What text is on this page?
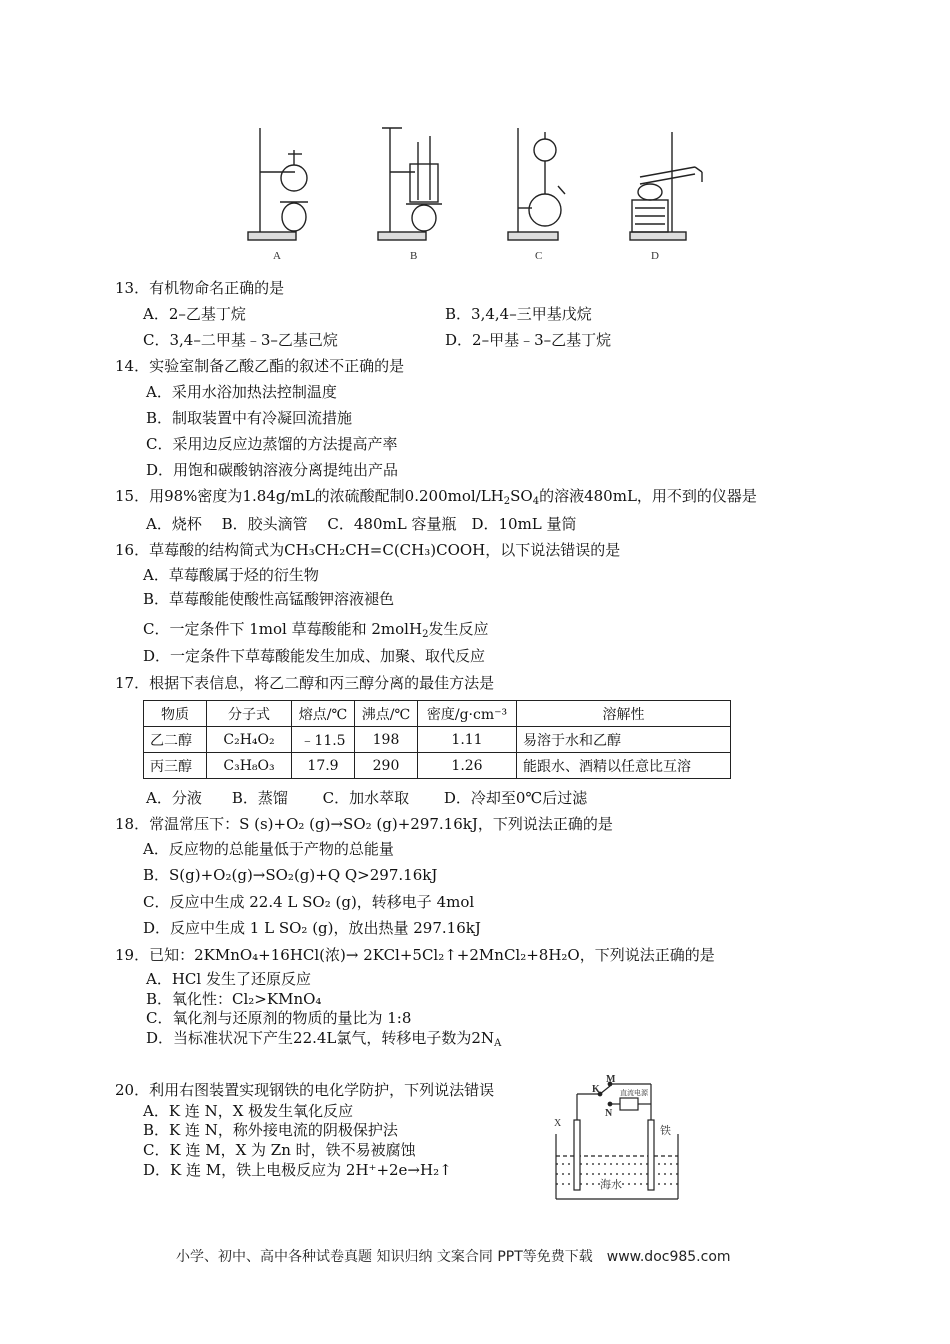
A	B	C	D
13．有机物命名正确的是
A．2–乙基丁烷	B．3,4,4–三甲基戊烷
C．3,4–二甲基﹣3–乙基己烷	D．2–甲基﹣3–乙基丁烷
14．实验室制备乙酸乙酯的叙述不正确的是
A．采用水浴加热法控制温度
B．制取装置中有冷凝回流措施
C．采用边反应边蒸馏的方法提高产率
D．用饱和碳酸钠溶液分离提纯出产品
15．用98%密度为1.84g/mL的浓硫酸配制$0.200mol/LH_2SO_4$的溶液480mL，用不到的仪器是
A．烧杯　 B．胶头滴管　 C．480mL 容量瓶　D．10mL 量筒
16．草莓酸的结构简式为CH₃CH₂CH=C(CH₃)COOH，以下说法错误的是
A．草莓酸属于烃的衍生物
B．草莓酸能使酸性高锰酸钾溶液褪色
C．一定条件下 1mol 草莓酸能和 2molH$_2$发生反应
D．一定条件下草莓酸能发生加成、加聚、取代反应
17．根据下表信息，将乙二醇和丙三醇分离的最佳方法是
物质	分子式	熔点/℃	沸点/℃	密度/g·cm⁻³	溶解性
乙二醇	C₂H₄O₂	﹣11.5	198	1.11	易溶于水和乙醇
丙三醇	C₃H₈O₃	17.9	290	1.26	能跟水、酒精以任意比互溶
A．分液　　B．蒸馏　　 C．加水萃取　　 D．冷却至0℃后过滤
18．常温常压下：S (s)+O₂ (g)→SO₂ (g)+297.16kJ，下列说法正确的是
A．反应物的总能量低于产物的总能量
B．S(g)+O₂(g)→SO₂(g)+Q Q>297.16kJ
C．反应中生成 22.4 L SO₂ (g)，转移电子 4mol
D．反应中生成 1 L SO₂ (g)，放出热量 297.16kJ
19．已知：2KMnO₄+16HCl(浓)→ 2KCl+5Cl₂↑+2MnCl₂+8H₂O，下列说法正确的是
A．HCl 发生了还原反应
B．氧化性：Cl₂>KMnO₄
C．氧化剂与还原剂的物质的量比为 1:8
D．当标准状况下产生22.4L氯气，转移电子数为$2N_A$
20．利用右图装置实现钢铁的电化学防护，下列说法错误
A．K 连 N，X 极发生氧化反应
B．K 连 N，称外接电流的阴极保护法
C．K 连 M，X 为 Zn 时，铁不易被腐蚀
D．K 连 M，铁上电极反应为 2H⁺+2e→H₂↑
M
K
N
直流电源
X
铁
海水
小学、初中、高中各种试卷真题 知识归纳 文案合同 PPT等免费下载　www.doc985.com
